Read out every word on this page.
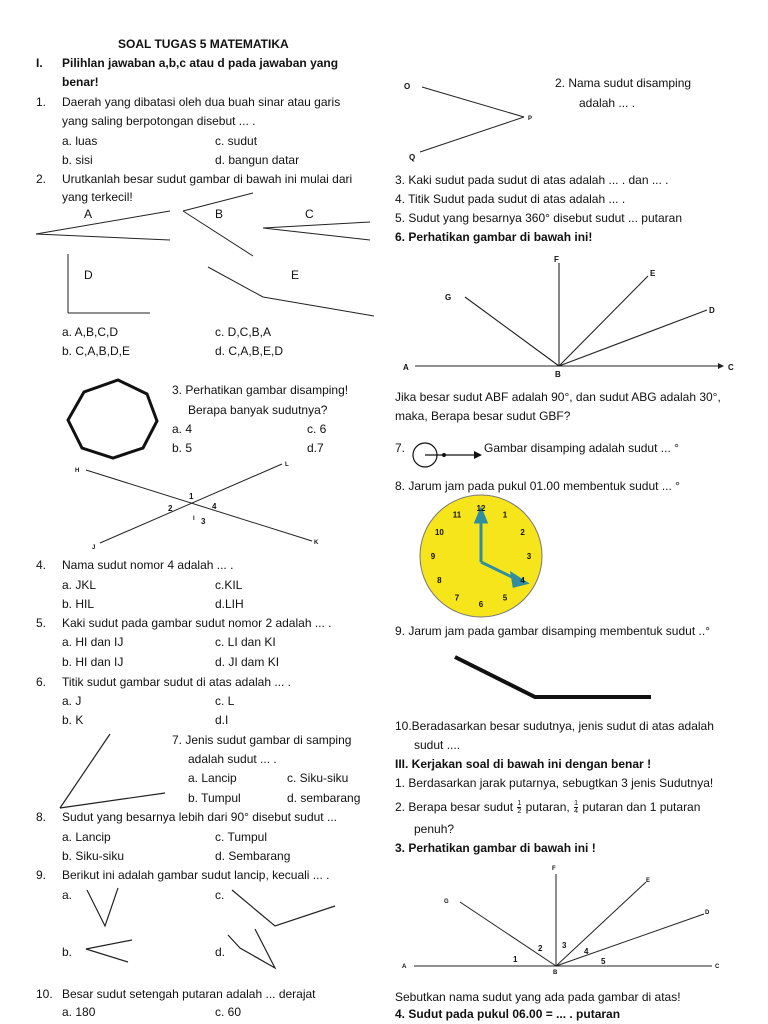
SOAL TUGAS 5 MATEMATIKA
I. Pilihlan jawaban a,b,c atau d pada jawaban yang
benar!
1. Daerah yang dibatasi oleh dua buah sinar atau garis
yang saling berpotongan disebut ... .
a. luas	c. sudut
b. sisi	d. bangun datar
2. Urutkanlah besar sudut gambar di bawah ini mulai dari
yang terkecil!
A	B	C
D	E
a. A,B,C,D	c. D,C,B,A
b. C,A,B,D,E	d. C,A,B,E,D
3. Perhatikan gambar disamping!
Berapa banyak sudutnya?
a. 4	c. 6
b. 5	d.7
H
L
J
K
1
2	4
I 3
4. Nama sudut nomor 4 adalah ... .
a. JKL	c.KIL
b. HIL	d.LIH
5. Kaki sudut pada gambar sudut nomor 2 adalah ... .
a. HI dan IJ	c. LI dan KI
b. HI dan IJ	d. JI dam KI
6. Titik sudut gambar sudut di atas adalah ... .
a. J	c. L
b. K	d.I
7. Jenis sudut gambar di samping
adalah sudut ... .
a. Lancip	c. Siku-siku
b. Tumpul	d. sembarang
8. Sudut yang besarnya lebih dari 90° disebut sudut ...
a. Lancip	c. Tumpul
b. Siku-siku	d. Sembarang
9. Berikut ini adalah gambar sudut lancip, kecuali ... .
a.	c.
b.	d.
10. Besar sudut setengah putaran adalah ... derajat
a. 180	c. 60
O
P
Q
2. Nama sudut disamping
adalah ... .
3. Kaki sudut pada sudut di atas adalah ... . dan ... .
4. Titik Sudut pada sudut di atas adalah ... .
5. Sudut yang besarnya 360° disebut sudut ... putaran
6. Perhatikan gambar di bawah ini!
F
E
G
D
A
B
C
Jika besar sudut ABF adalah 90°, dan sudut ABG adalah 30°,
maka, Berapa besar sudut GBF?
7.	Gambar disamping adalah sudut ... °
8. Jarum jam pada pukul 01.00 membentuk sudut ... °
12
1
2
3
4
5
6
7
8
9
10
11
9. Jarum jam pada gambar disamping membentuk sudut ..°
10.Beradasarkan besar sudutnya, jenis sudut di atas adalah
sudut ....
III. Kerjakan soal di bawah ini dengan benar !
1. Berdasarkan jarak putarnya, sebugtkan 3 jenis Sudutnya!
2. Berapa besar sudut $\frac{1}{2}$ putaran, $\frac{1}{4}$ putaran dan 1 putaran
penuh?
3. Perhatikan gambar di bawah ini !
F
E
G
D
A
B
C
1
2 3
4
5
Sebutkan nama sudut yang ada pada gambar di atas!
4. Sudut pada pukul 06.00 = ... . putaran
